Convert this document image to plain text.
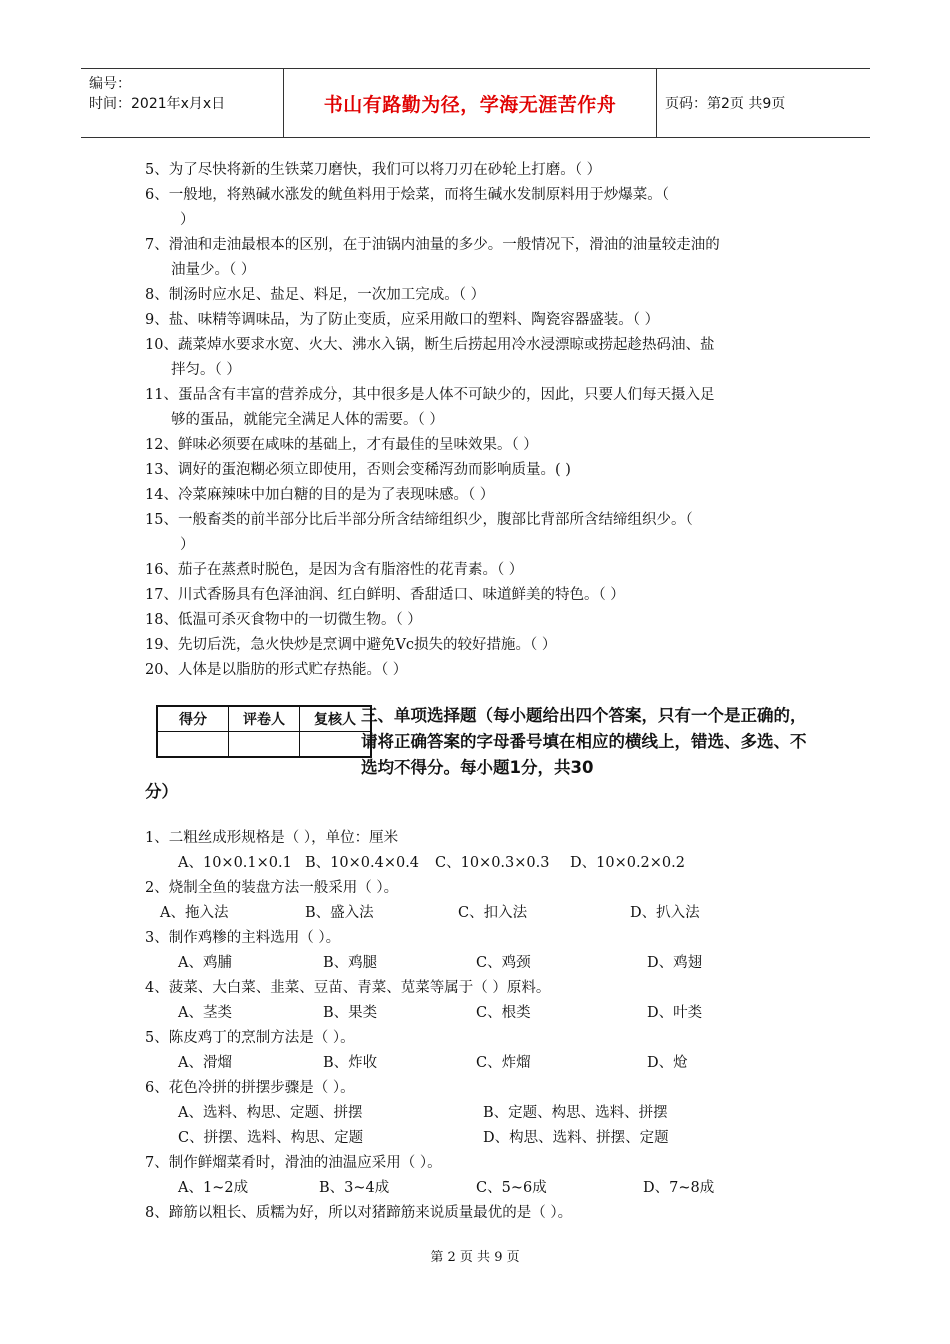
编号：
时间：2021年x月x日	书山有路勤为径，学海无涯苦作舟	页码：第2页 共9页
5、为了尽快将新的生铁菜刀磨快，我们可以将刀刃在砂轮上打磨。（ ）
6、一般地，将熟碱水涨发的鱿鱼料用于烩菜，而将生碱水发制原料用于炒爆菜。（
）
7、滑油和走油最根本的区别，在于油锅内油量的多少。一般情况下，滑油的油量较走油的
油量少。（ ）
8、制汤时应水足、盐足、料足，一次加工完成。（ ）
9、盐、味精等调味品，为了防止变质，应采用敞口的塑料、陶瓷容器盛装。（ ）
10、蔬菜焯水要求水宽、火大、沸水入锅，断生后捞起用冷水浸漂晾或捞起趁热码油、盐
拌匀。（ ）
11、蛋品含有丰富的营养成分，其中很多是人体不可缺少的，因此，只要人们每天摄入足
够的蛋品，就能完全满足人体的需要。（ ）
12、鲜味必须要在咸味的基础上，才有最佳的呈味效果。（ ）
13、调好的蛋泡糊必须立即使用，否则会变稀泻劲而影响质量。( )
14、冷菜麻辣味中加白糖的目的是为了表现味感。（ ）
15、一般畜类的前半部分比后半部分所含结缔组织少，腹部比背部所含结缔组织少。（
）
16、茄子在蒸煮时脱色，是因为含有脂溶性的花青素。（ ）
17、川式香肠具有色泽油润、红白鲜明、香甜适口、味道鲜美的特色。（ ）
18、低温可杀灭食物中的一切微生物。（ ）
19、先切后洗，急火快炒是烹调中避免Vc损失的较好措施。（ ）
20、人体是以脂肪的形式贮存热能。（ ）
得分	评卷人	复核人
		三、单项选择题（每小题给出四个答案，只有一个是正确的，请将正确答案的字母番号填在相应的横线上，错选、多选、不选均不得分。每小题1分，共30
分）
1、二粗丝成形规格是（ ），单位：厘米
A、10×0.1×0.1 B、10×0.4×0.4 C、10×0.3×0.3 D、10×0.2×0.2
2、烧制全鱼的装盘方法一般采用（ ）。
A、拖入法	B、盛入法	C、扣入法	D、扒入法
3、制作鸡糁的主料选用（ ）。
A、鸡脯	B、鸡腿	C、鸡颈	D、鸡翅
4、菠菜、大白菜、韭菜、豆苗、青菜、苋菜等属于（ ）原料。
A、茎类	B、果类	C、根类	D、叶类
5、陈皮鸡丁的烹制方法是（ ）。
A、滑熘	B、炸收	C、炸熘	D、炝
6、花色冷拼的拼摆步骤是（ ）。
A、选料、构思、定题、拼摆	B、定题、构思、选料、拼摆
C、拼摆、选料、构思、定题	D、构思、选料、拼摆、定题
7、制作鲜熘菜肴时，滑油的油温应采用（ ）。
A、1~2成	B、3~4成	C、5~6成	D、7~8成
8、蹄筋以粗长、质糯为好，所以对猪蹄筋来说质量最优的是（ ）。
第 2 页 共 9 页
